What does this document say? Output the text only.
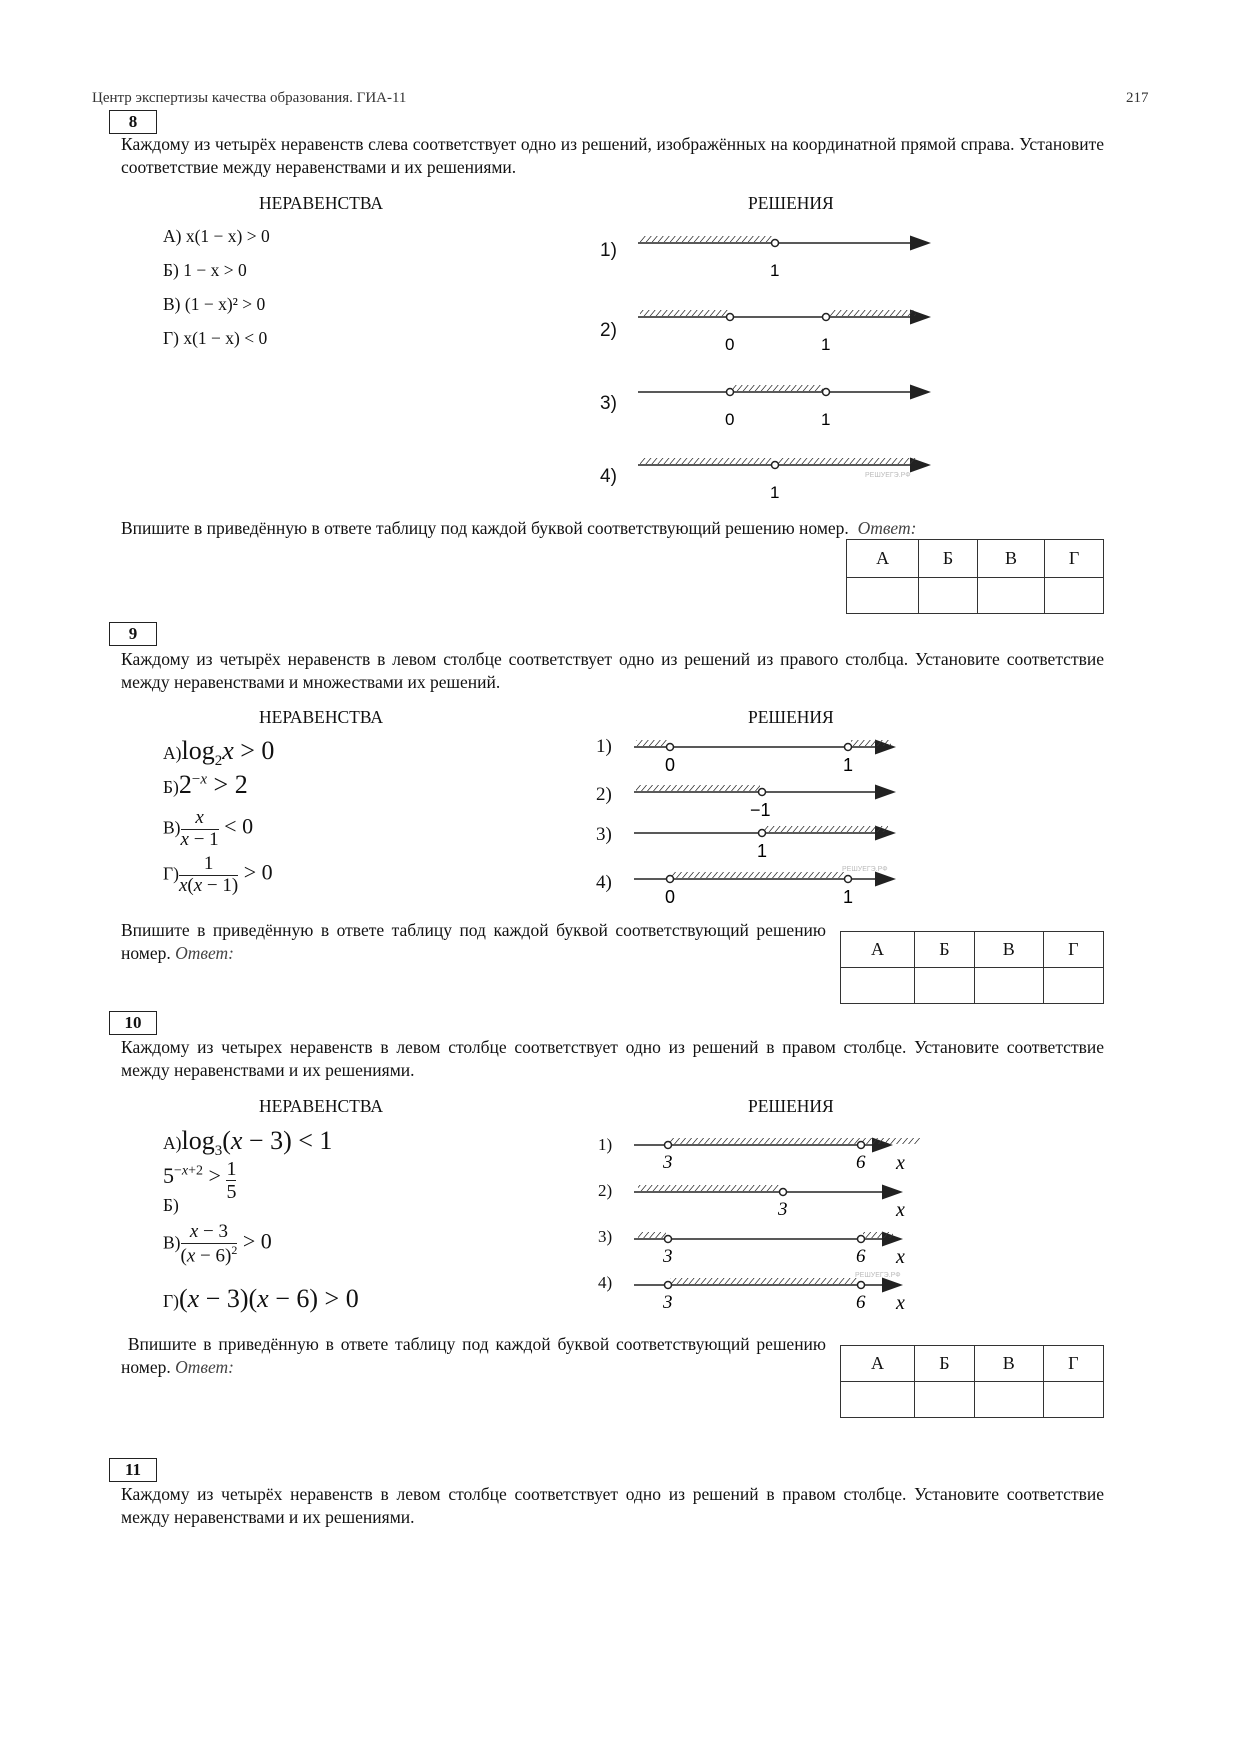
Центр экспертизы качества образования. ГИА-11	217
8
Каждому из четырёх неравенств слева соответствует одно из решений, изображённых на координатной прямой справа. Установите соответствие между неравенствами и их решениями.
НЕРАВЕНСТВА	РЕШЕНИЯ
А) x(1 − x) > 0
Б) 1 − x > 0
В) (1 − x)² > 0
Г) x(1 − x) < 0
1)
2)
3)
4)
1
0	1
0	1
1
РЕШУЕГЭ.РФ
Впишите в приведённую в ответе таблицу под каждой буквой соответствующий решению номер. Ответ:
А	Б	В	Г

9
Каждому из четырёх неравенств в левом столбце соответствует одно из решений из правого столбца. Установите соответствие между неравенствами и множествами их решений.
НЕРАВЕНСТВА	РЕШЕНИЯ
$А)\log_2x > 0$
$Б)2^{-x} > 2$
$В) \frac{x}{x - 1} < 0$
$Г) \frac{1}{x(x - 1)} > 0$
1)
2)
3)
4)
0	1
−1
1
0	1
РЕШУЕГЭ.РФ
Впишите в приведённую в ответе таблицу под каждой буквой соответствующий решению номер. Ответ:	А	Б	В	Г

10
Каждому из четырех неравенств в левом столбце соответствует одно из решений в правом столбце. Установите соответствие между неравенствами и их решениями.
НЕРАВЕНСТВА	РЕШЕНИЯ
$А)\log_3(x - 3) < 1$
$5^{-x+2} > \frac{1}{5}$
Б)
$В) \frac{x - 3}{(x - 6)^2} > 0$
Г)(x − 3)(x − 6) > 0
1)
2)
3)
4)
3	6 x
3	x
3	6 x
3	6 x
РЕШУЕГЭ.РФ
Впишите в приведённую в ответе таблицу под каждой буквой соответствующий решению номер. Ответ:	А	Б	В	Г

11
Каждому из четырёх неравенств в левом столбце соответствует одно из решений в правом столбце. Установите соответствие между неравенствами и их решениями.
